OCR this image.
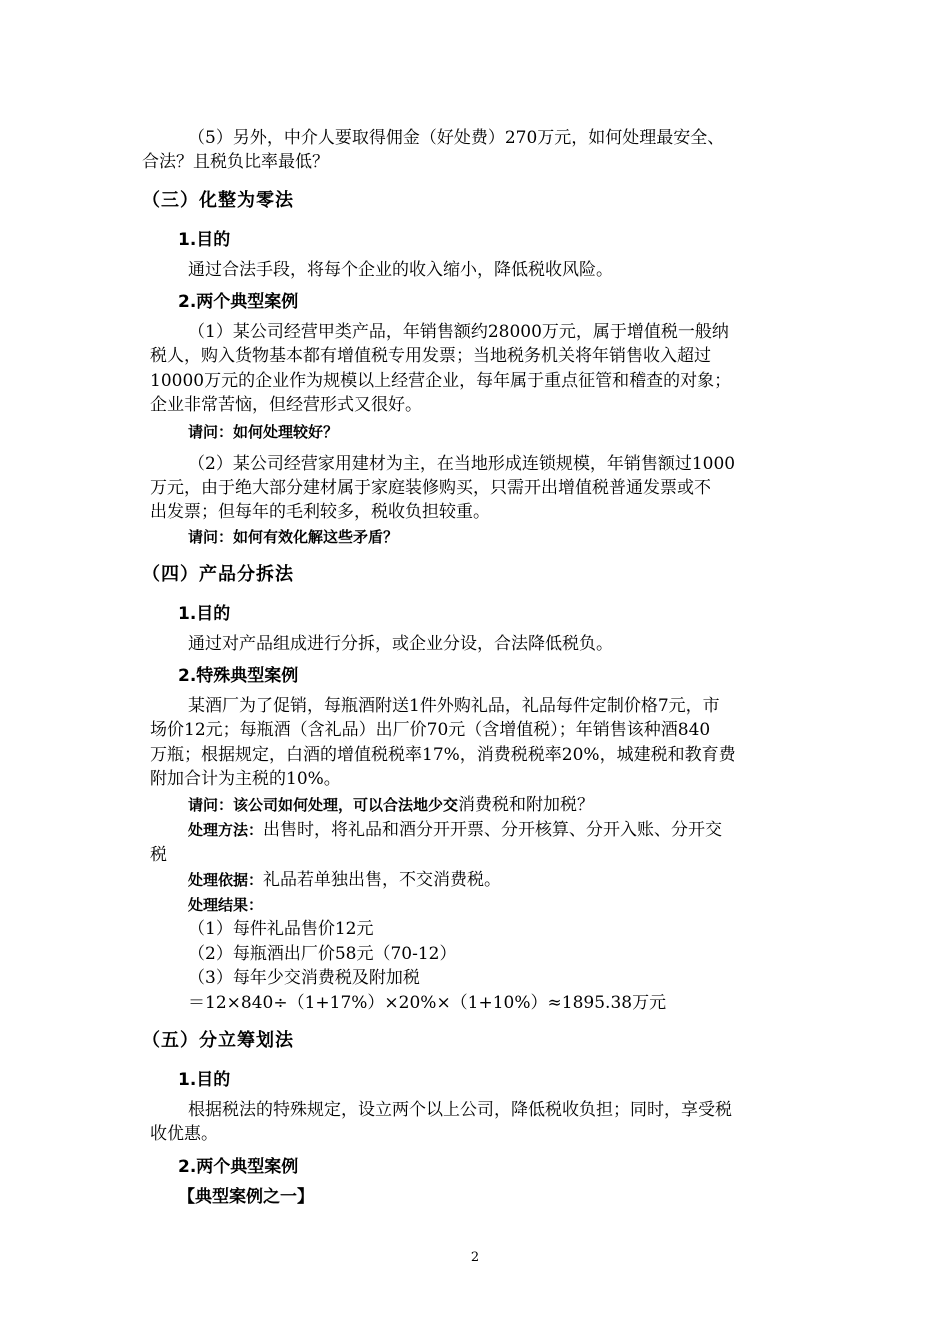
（5）另外，中介人要取得佣金（好处费）270万元，如何处理最安全、
合法？且税负比率最低？
（三）化整为零法
1.目的
通过合法手段，将每个企业的收入缩小，降低税收风险。
2.两个典型案例
（1）某公司经营甲类产品，年销售额约28000万元，属于增值税一般纳
税人，购入货物基本都有增值税专用发票；当地税务机关将年销售收入超过
10000万元的企业作为规模以上经营企业，每年属于重点征管和稽查的对象；
企业非常苦恼，但经营形式又很好。
请问：如何处理较好？
（2）某公司经营家用建材为主，在当地形成连锁规模，年销售额过1000
万元，由于绝大部分建材属于家庭装修购买，只需开出增值税普通发票或不
出发票；但每年的毛利较多，税收负担较重。
请问：如何有效化解这些矛盾？
（四）产品分拆法
1.目的
通过对产品组成进行分拆，或企业分设，合法降低税负。
2.特殊典型案例
某酒厂为了促销，每瓶酒附送1件外购礼品，礼品每件定制价格7元，市
场价12元；每瓶酒（含礼品）出厂价70元（含增值税）；年销售该种酒840
万瓶；根据规定，白酒的增值税税率17%，消费税税率20%，城建税和教育费
附加合计为主税的10%。
请问：该公司如何处理，可以合法地少交消费税和附加税？
处理方法：出售时，将礼品和酒分开开票、分开核算、分开入账、分开交
税
处理依据：礼品若单独出售，不交消费税。
处理结果：
（1）每件礼品售价12元
（2）每瓶酒出厂价58元（70-12）
（3）每年少交消费税及附加税
＝12×840÷（1+17%）×20%×（1+10%）≈1895.38万元
（五）分立筹划法
1.目的
根据税法的特殊规定，设立两个以上公司，降低税收负担；同时，享受税
收优惠。
2.两个典型案例
【典型案例之一】
2
